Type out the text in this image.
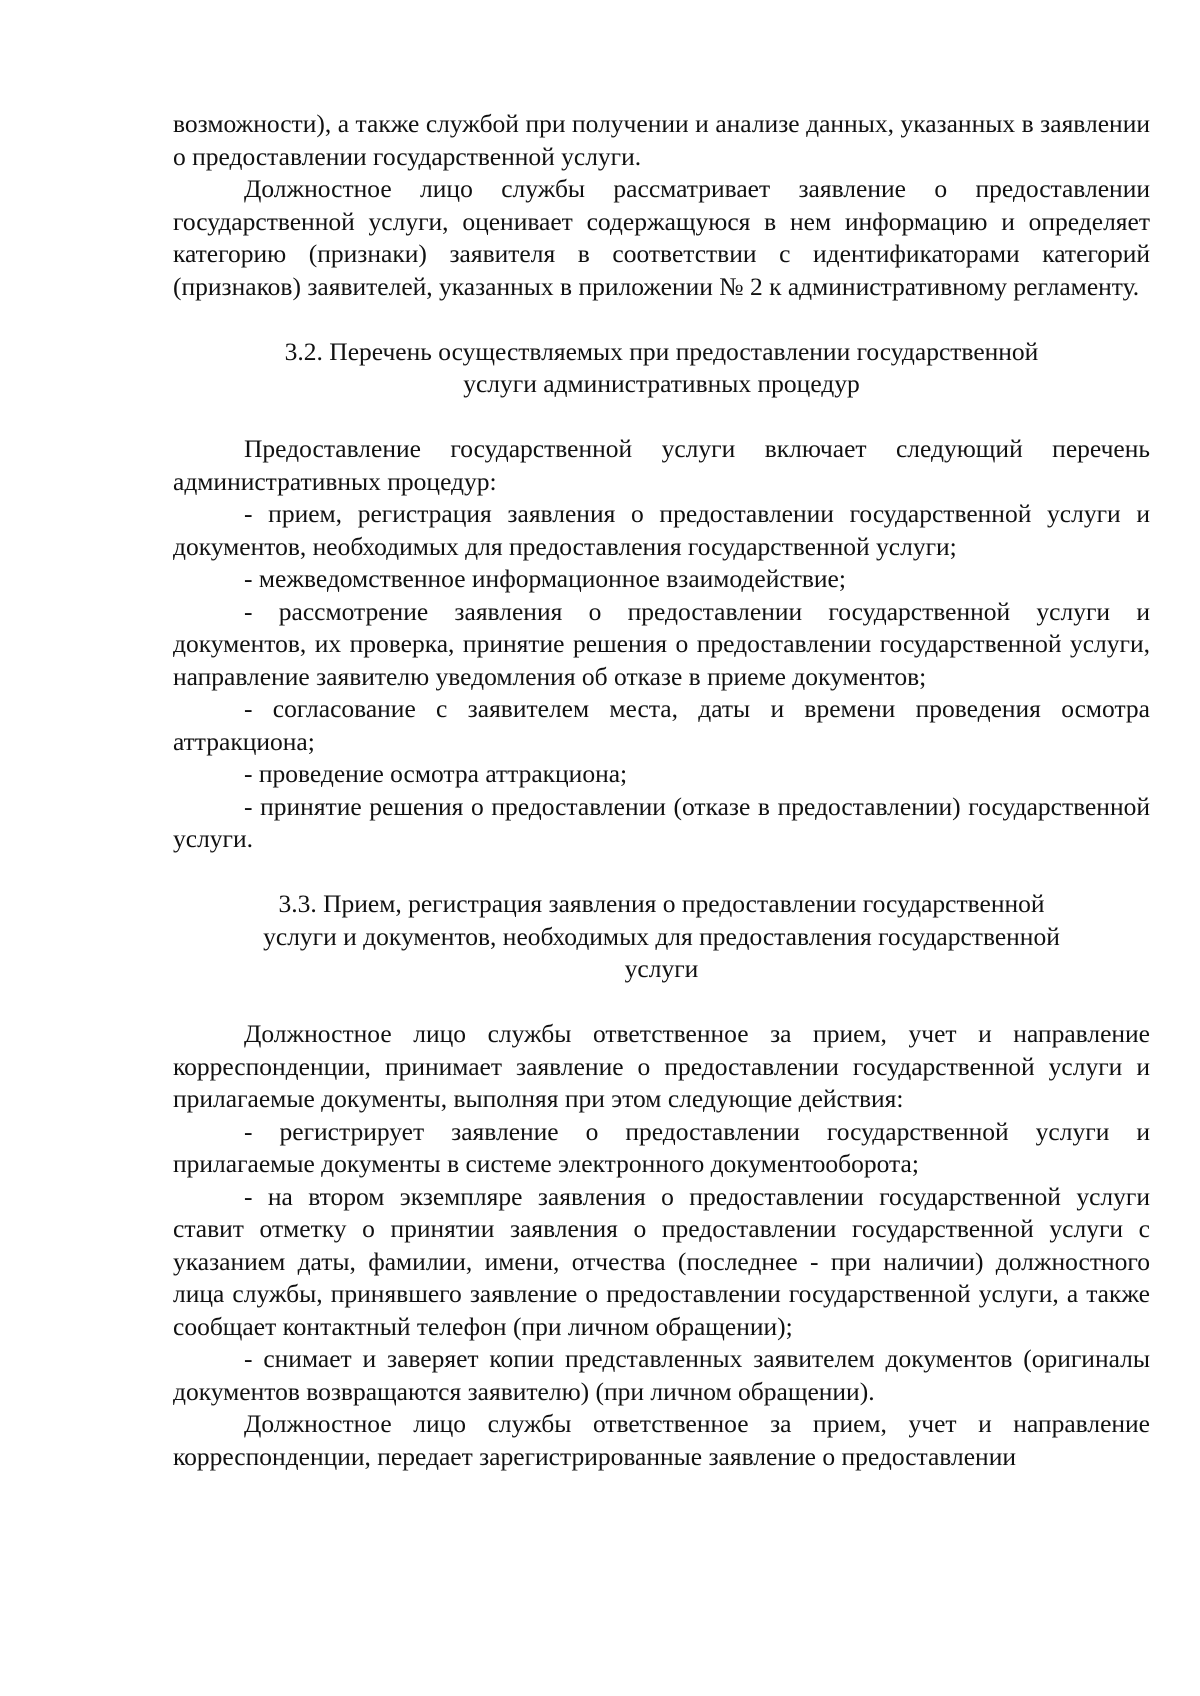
возможности), а также службой при получении и анализе данных, указанных в заявлении о предоставлении государственной услуги.

Должностное лицо службы рассматривает заявление о предоставлении государственной услуги, оценивает содержащуюся в нем информацию и определяет категорию (признаки) заявителя в соответствии с идентификаторами категорий (признаков) заявителей, указанных в приложении № 2 к административному регламенту.

3.2. Перечень осуществляемых при предоставлении государственной

услуги административных процедур

Предоставление государственной услуги включает следующий перечень административных процедур:

- прием, регистрация заявления о предоставлении государственной услуги и документов, необходимых для предоставления государственной услуги;

- межведомственное информационное взаимодействие;

- рассмотрение заявления о предоставлении государственной услуги и документов, их проверка, принятие решения о предоставлении государственной услуги, направление заявителю уведомления об отказе в приеме документов;

- согласование с заявителем места, даты и времени проведения осмотра аттракциона;

- проведение осмотра аттракциона;

- принятие решения о предоставлении (отказе в предоставлении) государственной услуги.

3.3. Прием, регистрация заявления о предоставлении государственной

услуги и документов, необходимых для предоставления государственной

услуги

Должностное лицо службы ответственное за прием, учет и направление корреспонденции, принимает заявление о предоставлении государственной услуги и прилагаемые документы, выполняя при этом следующие действия:

- регистрирует заявление о предоставлении государственной услуги и прилагаемые документы в системе электронного документооборота;

- на втором экземпляре заявления о предоставлении государственной услуги ставит отметку о принятии заявления о предоставлении государственной услуги с указанием даты, фамилии, имени, отчества (последнее - при наличии) должностного лица службы, принявшего заявление о предоставлении государственной услуги, а также сообщает контактный телефон (при личном обращении);

- снимает и заверяет копии представленных заявителем документов (оригиналы документов возвращаются заявителю) (при личном обращении).

Должностное лицо службы ответственное за прием, учет и направление корреспонденции, передает зарегистрированные заявление о предоставлении
